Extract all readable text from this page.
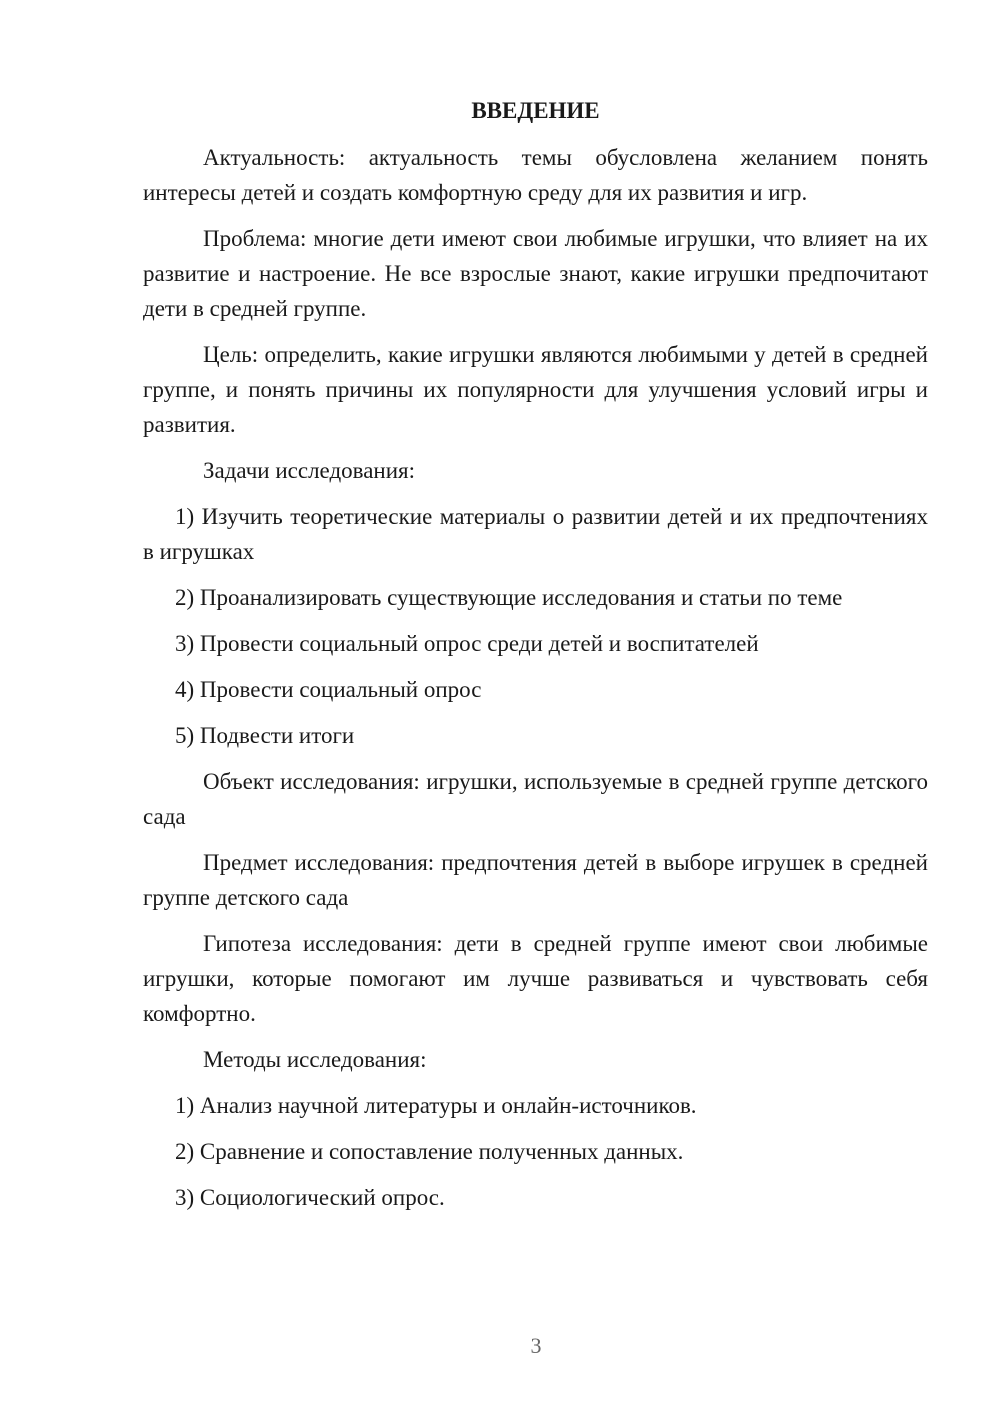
ВВЕДЕНИЕ

Актуальность: актуальность темы обусловлена желанием понять интересы детей и создать комфортную среду для их развития и игр.

Проблема: многие дети имеют свои любимые игрушки, что влияет на их развитие и настроение. Не все взрослые знают, какие игрушки предпочитают дети в средней группе.

Цель: определить, какие игрушки являются любимыми у детей в средней группе, и понять причины их популярности для улучшения условий игры и развития.

Задачи исследования:

1) Изучить теоретические материалы о развитии детей и их предпочтениях в игрушках

2) Проанализировать существующие исследования и статьи по теме

3) Провести социальный опрос среди детей и воспитателей

4) Провести социальный опрос

5) Подвести итоги

Объект исследования: игрушки, используемые в средней группе детского сада

Предмет исследования: предпочтения детей в выборе игрушек в средней группе детского сада

Гипотеза исследования: дети в средней группе имеют свои любимые игрушки, которые помогают им лучше развиваться и чувствовать себя комфортно.

Методы исследования:

1) Анализ научной литературы и онлайн-источников.

2) Сравнение и сопоставление полученных данных.

3) Социологический опрос.

3
